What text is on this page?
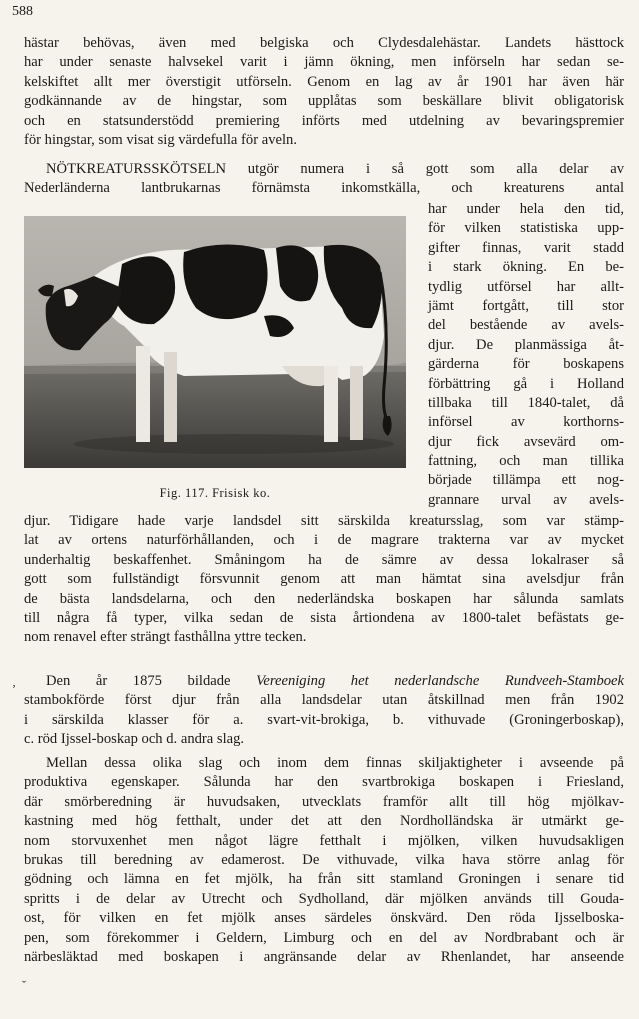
588
hästar behövas, även med belgiska och Clydesdalehästar. Landets hästtock
har under senaste halvsekel varit i jämn ökning, men införseln har sedan se-
kelskiftet allt mer överstigit utförseln. Genom en lag av år 1901 har även här
godkännande av de hingstar, som upplåtas som beskällare blivit obligatorisk
och en statsunderstödd premiering införts med utdelning av bevaringspremier
för hingstar, som visat sig värdefulla för aveln.
NÖTKREATURSSKÖTSELN utgör numera i så gott som alla delar av
Nederländerna lantbrukarnas förnämsta inkomstkälla, och kreaturens antal
har under hela den tid,
för vilken statistiska upp-
gifter finnas, varit stadd
i stark ökning. En be-
tydlig utförsel har allt-
jämt fortgått, till stor
del bestående av avels-
djur. De planmässiga åt-
gärderna för boskapens
förbättring gå i Holland
tillbaka till 1840-talet, då
införsel av korthorns-
djur fick avsevärd om-
fattning, och man tillika
började tillämpa ett nog-
grannare urval av avels-
Fig. 117. Frisisk ko.
djur. Tidigare hade varje landsdel sitt särskilda kreatursslag, som var stämp-
lat av ortens naturförhållanden, och i de magrare trakterna var av mycket
underhaltig beskaffenhet. Småningom ha de sämre av dessa lokalraser så
gott som fullständigt försvunnit genom att man hämtat sina avelsdjur från
de bästa landsdelarna, och den nederländska boskapen har sålunda samlats
till några få typer, vilka sedan de sista årtiondena av 1800-talet befästats ge-
nom renavel efter strängt fasthållna yttre tecken.
Den år 1875 bildade Vereeniging het nederlandsche Rundveeh-Stamboek
stambokförde först djur från alla landsdelar utan åtskillnad men från 1902
i särskilda klasser för a. svart-vit-brokiga, b. vithuvade (Groningerboskap),
c. röd Ijssel-boskap och d. andra slag.
Mellan dessa olika slag och inom dem finnas skiljaktigheter i avseende på
produktiva egenskaper. Sålunda har den svartbrokiga boskapen i Friesland,
där smörberedning är huvudsaken, utvecklats framför allt till hög mjölkav-
kastning med hög fetthalt, under det att den Nordholländska är utmärkt ge-
nom storvuxenhet men något lägre fetthalt i mjölken, vilken huvudsakligen
brukas till beredning av edamerost. De vithuvade, vilka hava större anlag för
gödning och lämna en fet mjölk, ha från sitt stamland Groningen i senare tid
spritts i de delar av Utrecht och Sydholland, där mjölken används till Gouda-
ost, för vilken en fet mjölk anses särdeles önskvärd. Den röda Ijsselboska-
pen, som förekommer i Geldern, Limburg och en del av Nordbrabant och är
närbesläktad med boskapen i angränsande delar av Rhenlandet, har anseende
ʼ
ˇ
